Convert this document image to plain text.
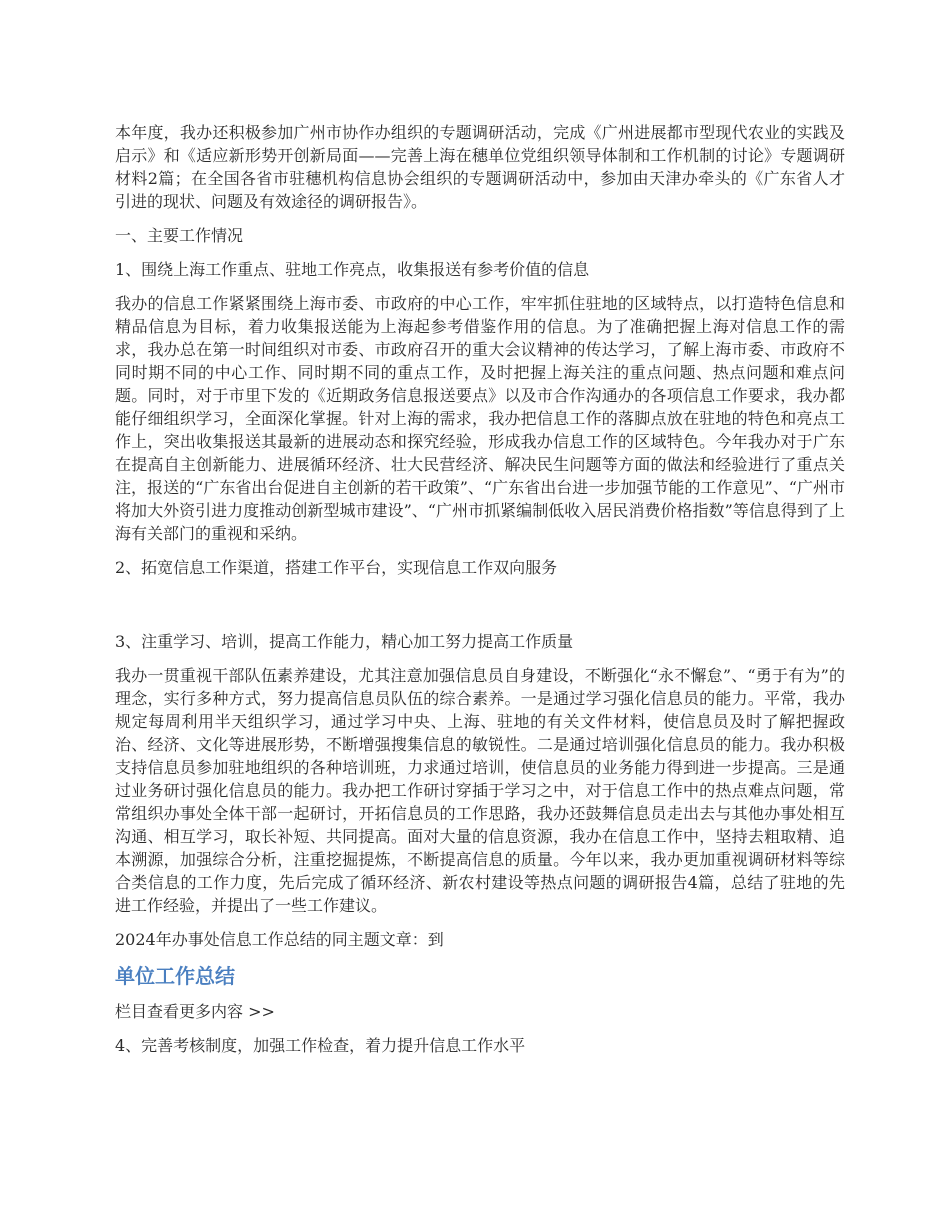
本年度，我办还积极参加广州市协作办组织的专题调研活动，完成《广州进展都市型现代农业的实践及启示》和《适应新形势开创新局面——完善上海在穗单位党组织领导体制和工作机制的讨论》专题调研材料2篇；在全国各省市驻穗机构信息协会组织的专题调研活动中，参加由天津办牵头的《广东省人才引进的现状、问题及有效途径的调研报告》。

一、主要工作情况

1、围绕上海工作重点、驻地工作亮点，收集报送有参考价值的信息

我办的信息工作紧紧围绕上海市委、市政府的中心工作，牢牢抓住驻地的区域特点，以打造特色信息和精品信息为目标，着力收集报送能为上海起参考借鉴作用的信息。为了准确把握上海对信息工作的需求，我办总在第一时间组织对市委、市政府召开的重大会议精神的传达学习，了解上海市委、市政府不同时期不同的中心工作、同时期不同的重点工作，及时把握上海关注的重点问题、热点问题和难点问题。同时，对于市里下发的《近期政务信息报送要点》以及市合作沟通办的各项信息工作要求，我办都能仔细组织学习，全面深化掌握。针对上海的需求，我办把信息工作的落脚点放在驻地的特色和亮点工作上，突出收集报送其最新的进展动态和探究经验，形成我办信息工作的区域特色。今年我办对于广东在提高自主创新能力、进展循环经济、壮大民营经济、解决民生问题等方面的做法和经验进行了重点关注，报送的“广东省出台促进自主创新的若干政策”、“广东省出台进一步加强节能的工作意见”、“广州市将加大外资引进力度推动创新型城市建设”、“广州市抓紧编制低收入居民消费价格指数”等信息得到了上海有关部门的重视和采纳。

2、拓宽信息工作渠道，搭建工作平台，实现信息工作双向服务

3、注重学习、培训，提高工作能力，精心加工努力提高工作质量

我办一贯重视干部队伍素养建设，尤其注意加强信息员自身建设，不断强化“永不懈怠”、“勇于有为”的理念，实行多种方式，努力提高信息员队伍的综合素养。一是通过学习强化信息员的能力。平常，我办规定每周利用半天组织学习，通过学习中央、上海、驻地的有关文件材料，使信息员及时了解把握政治、经济、文化等进展形势，不断增强搜集信息的敏锐性。二是通过培训强化信息员的能力。我办积极支持信息员参加驻地组织的各种培训班，力求通过培训，使信息员的业务能力得到进一步提高。三是通过业务研讨强化信息员的能力。我办把工作研讨穿插于学习之中，对于信息工作中的热点难点问题，常常组织办事处全体干部一起研讨，开拓信息员的工作思路，我办还鼓舞信息员走出去与其他办事处相互沟通、相互学习，取长补短、共同提高。面对大量的信息资源，我办在信息工作中，坚持去粗取精、追本溯源，加强综合分析，注重挖掘提炼，不断提高信息的质量。今年以来，我办更加重视调研材料等综合类信息的工作力度，先后完成了循环经济、新农村建设等热点问题的调研报告4篇，总结了驻地的先进工作经验，并提出了一些工作建议。

2024年办事处信息工作总结的同主题文章：到

单位工作总结

栏目查看更多内容 >>

4、完善考核制度，加强工作检查，着力提升信息工作水平
